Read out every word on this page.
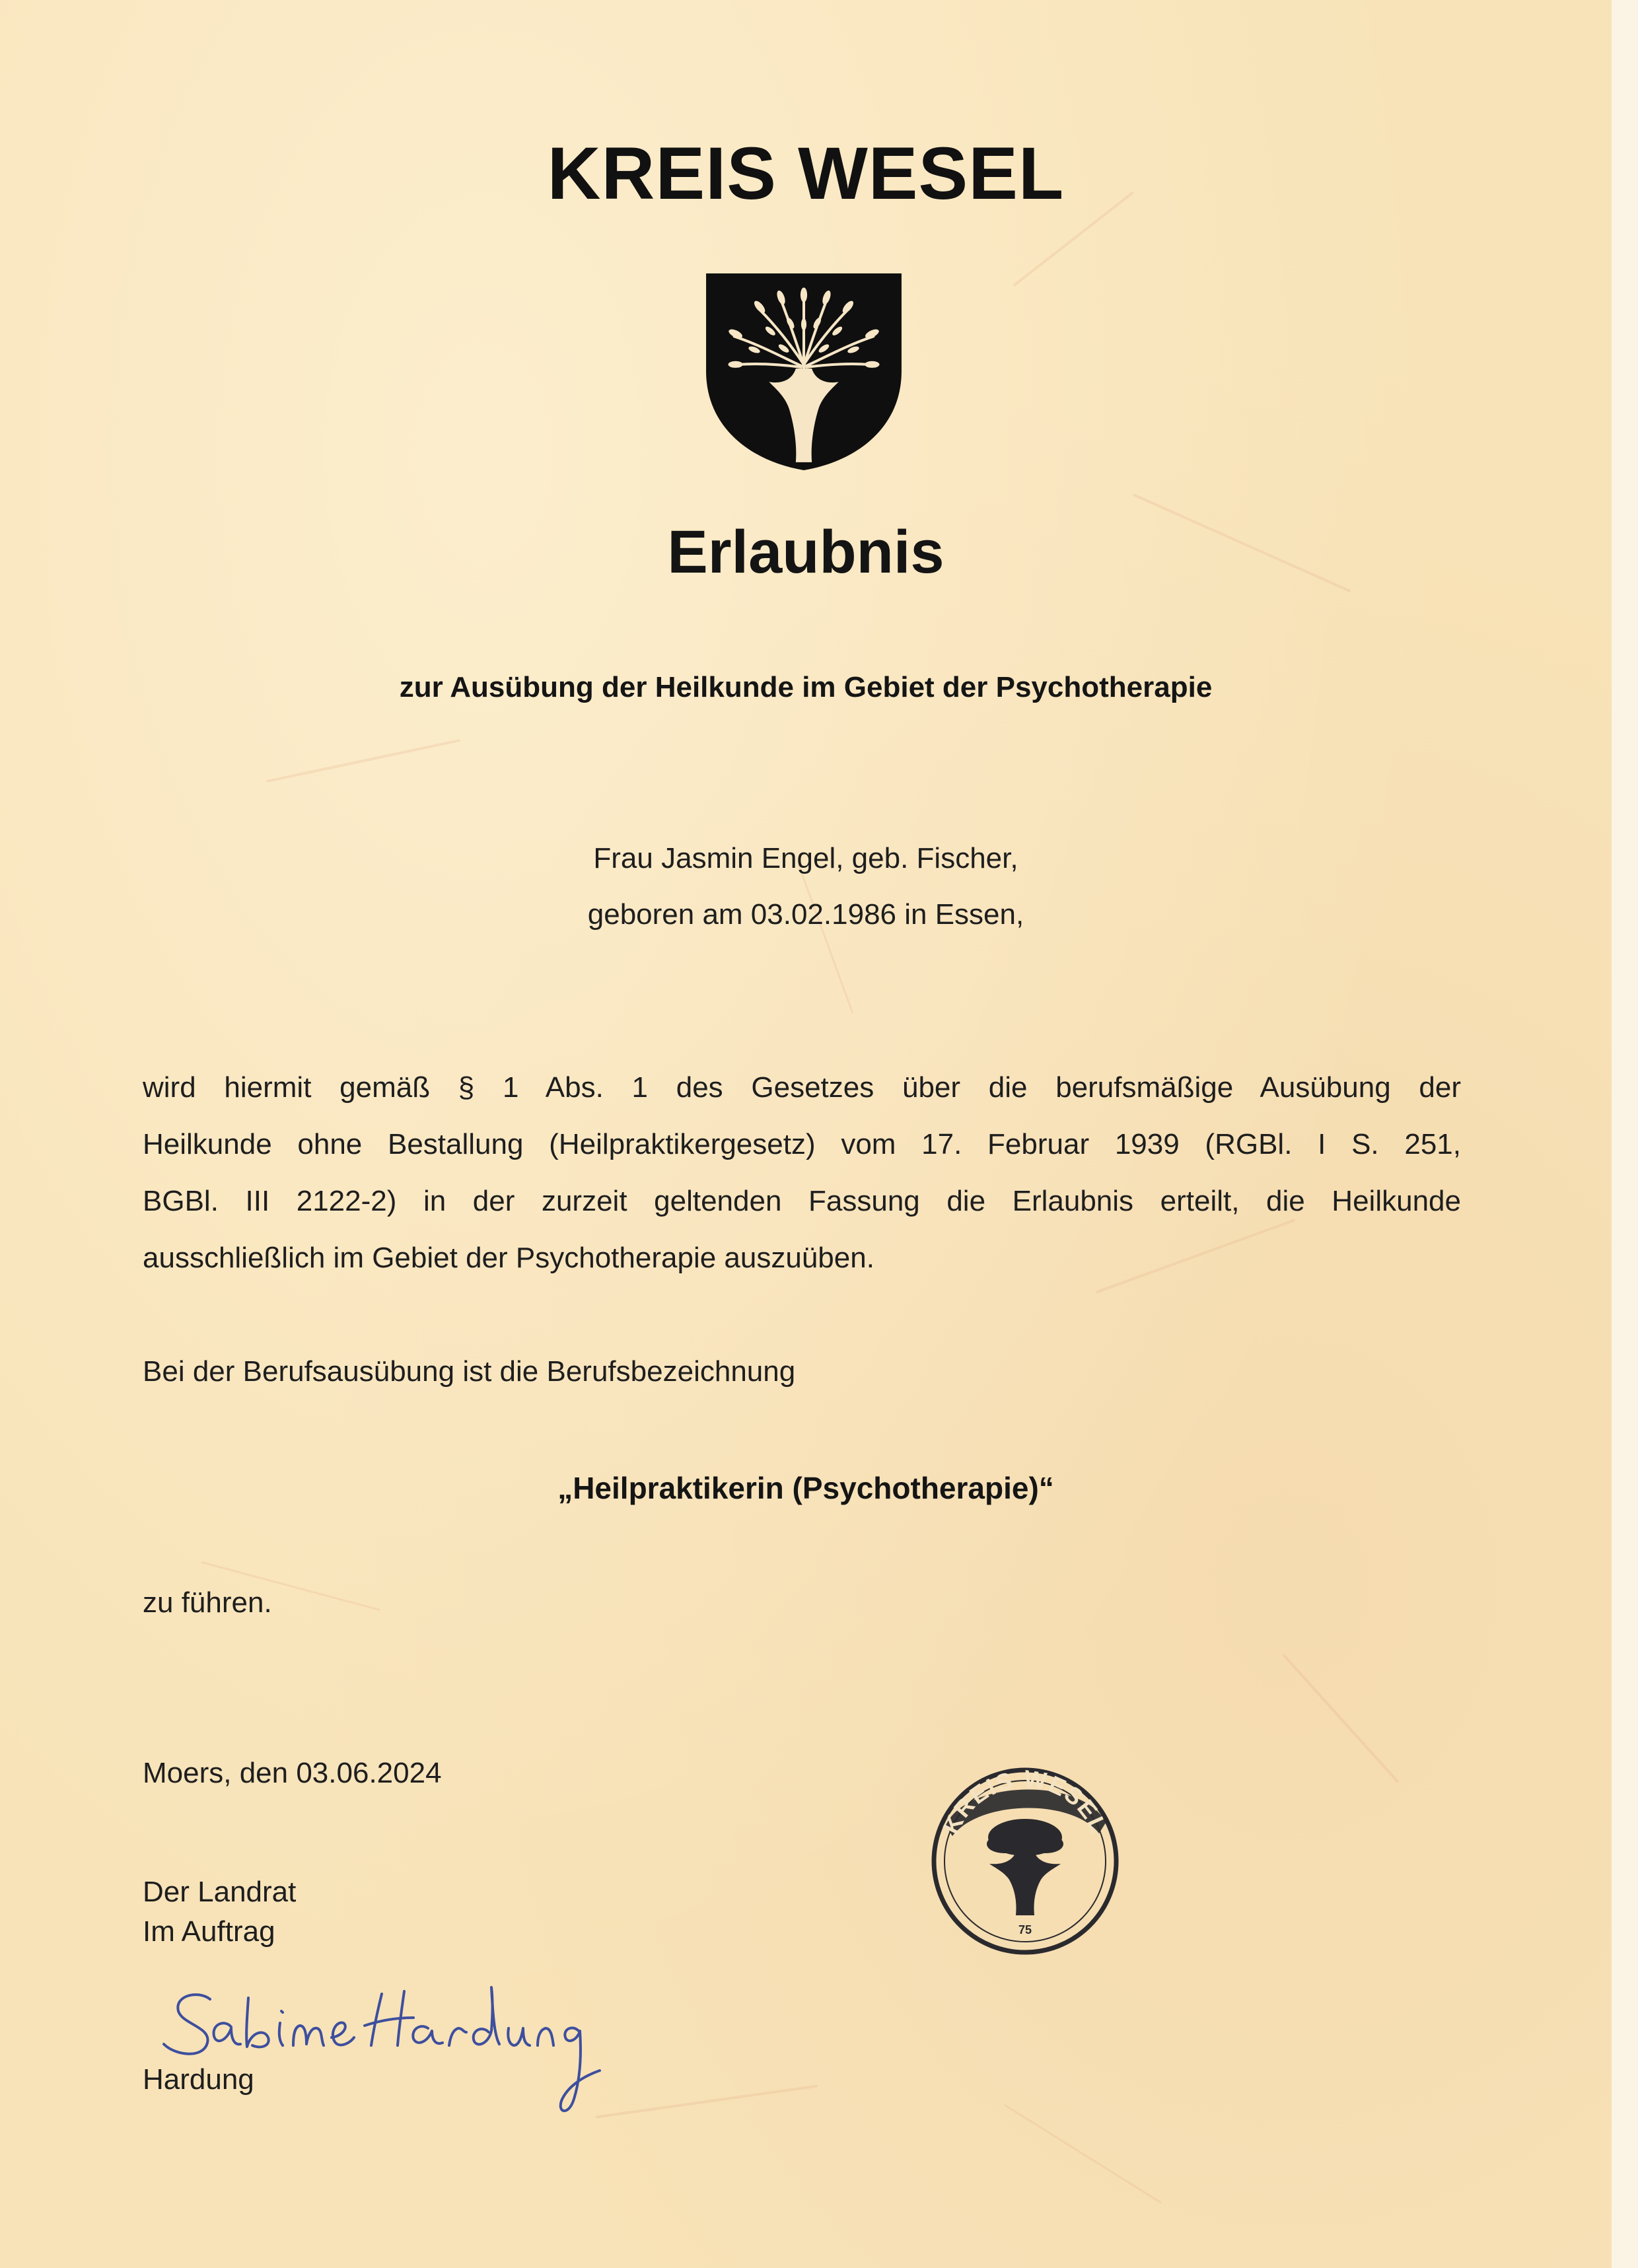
KREIS WESEL
Erlaubnis
zur Ausübung der Heilkunde im Gebiet der Psychotherapie
Frau Jasmin Engel, geb. Fischer,
geboren am 03.02.1986 in Essen,
wird hiermit gemäß § 1 Abs. 1 des Gesetzes über die berufsmäßige Ausübung der
Heilkunde ohne Bestallung (Heilpraktikergesetz) vom 17. Februar 1939 (RGBl. I S. 251,
BGBl. III 2122-2) in der zurzeit geltenden Fassung die Erlaubnis erteilt, die Heilkunde
ausschließlich im Gebiet der Psychotherapie auszuüben.
Bei der Berufsausübung ist die Berufsbezeichnung
„Heilpraktikerin (Psychotherapie)“
zu führen.
Moers, den 03.06.2024
Der Landrat
Im Auftrag
Hardung
KREIS WESEL
75
